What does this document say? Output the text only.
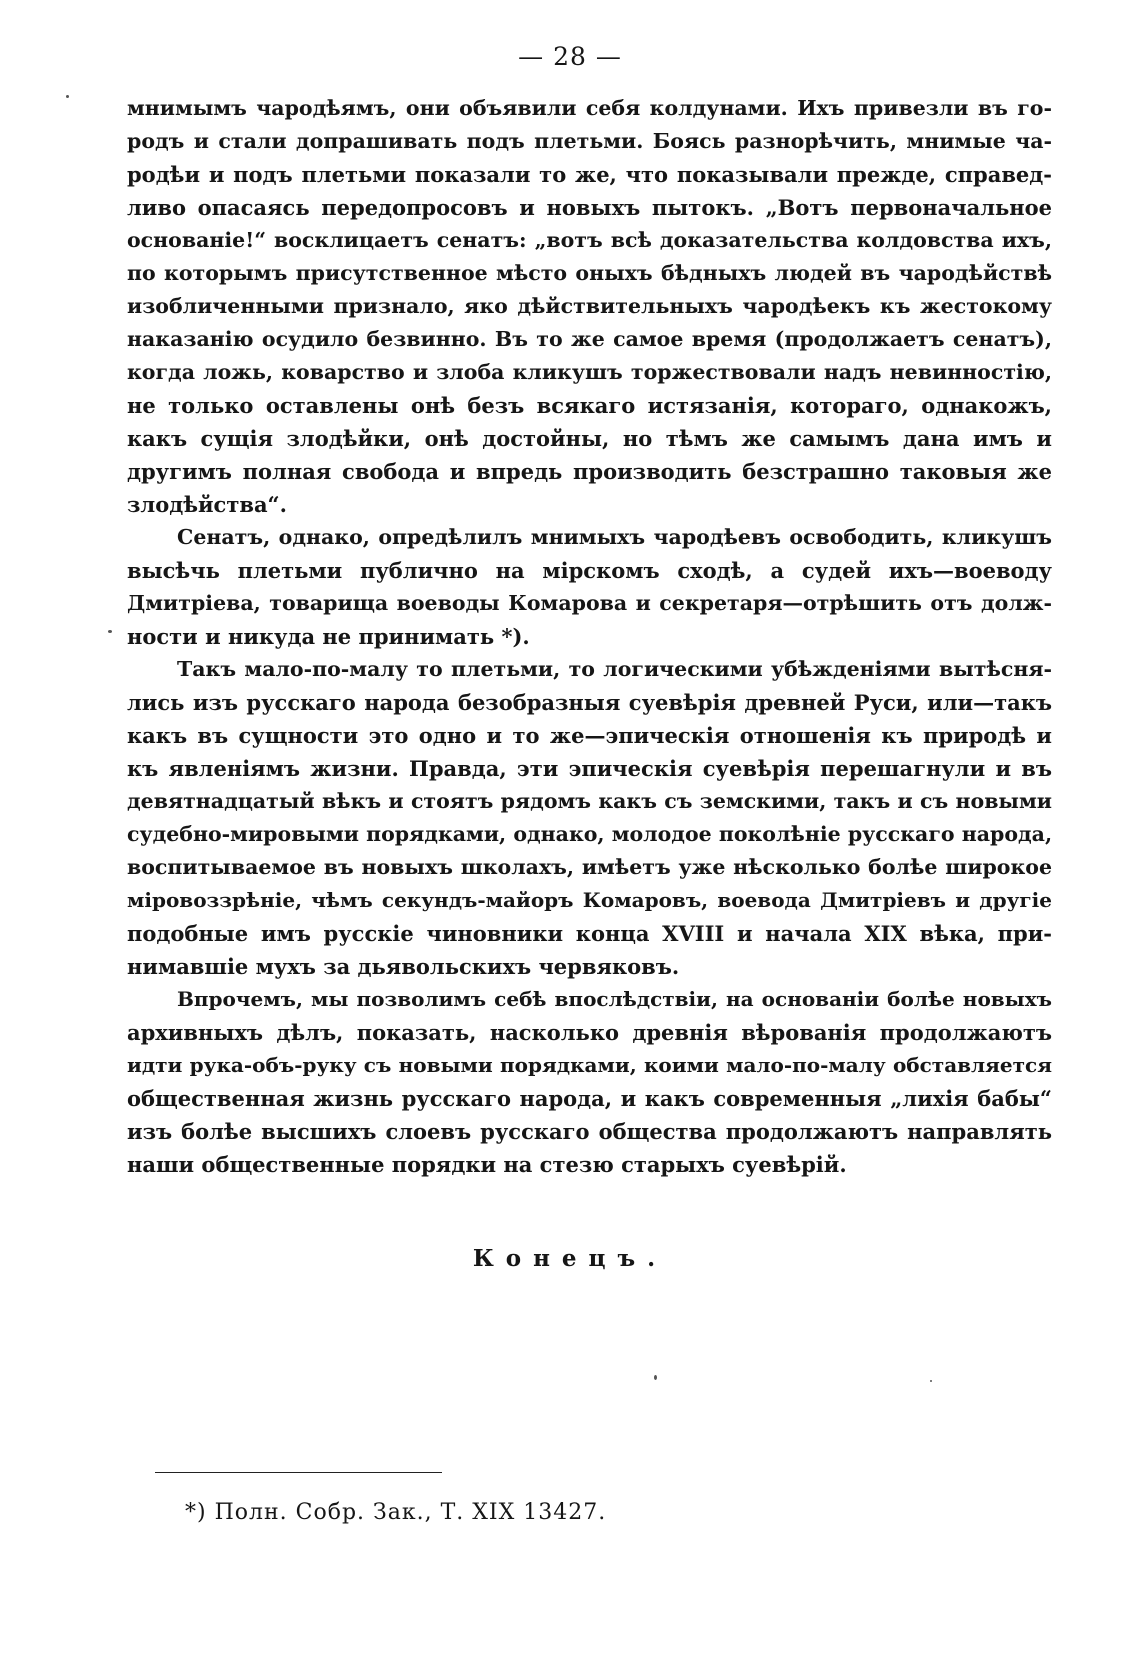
— 28 —
мнимымъ чародѣямъ, они объявили себя колдунами. Ихъ привезли въ го-
родъ и стали допрашивать подъ плетьми. Боясь разнорѣчить, мнимые ча-
родѣи и подъ плетьми показали то же, что показывали прежде, справед-
ливо опасаясь передопросовъ и новыхъ пытокъ. „Вотъ первоначальное
основаніе!“ восклицаетъ сенатъ: „вотъ всѣ доказательства колдовства ихъ,
по которымъ присутственное мѣсто оныхъ бѣдныхъ людей въ чародѣйствѣ
изобличенными признало, яко дѣйствительныхъ чародѣекъ къ жестокому
наказанію осудило безвинно. Въ то же самое время (продолжаетъ сенатъ),
когда ложь, коварство и злоба кликушъ торжествовали надъ невинностію,
не только оставлены онѣ безъ всякаго истязанія, котораго, однакожъ,
какъ сущія злодѣйки, онѣ достойны, но тѣмъ же самымъ дана имъ и
другимъ полная свобода и впредь производить безстрашно таковыя же
злодѣйства“.
Сенатъ, однако, опредѣлилъ мнимыхъ чародѣевъ освободить, кликушъ
высѣчь плетьми публично на мірскомъ сходѣ, а судей ихъ—воеводу
Дмитріева, товарища воеводы Комарова и секретаря—отрѣшить отъ долж-
ности и никуда не принимать *).
Такъ мало-по-малу то плетьми, то логическими убѣжденіями вытѣсня-
лись изъ русскаго народа безобразныя суевѣрія древней Руси, или—такъ
какъ въ сущности это одно и то же—эпическія отношенія къ природѣ и
къ явленіямъ жизни. Правда, эти эпическія суевѣрія перешагнули и въ
девятнадцатый вѣкъ и стоятъ рядомъ какъ съ земскими, такъ и съ новыми
судебно-мировыми порядками, однако, молодое поколѣніе русскаго народа,
воспитываемое въ новыхъ школахъ, имѣетъ уже нѣсколько болѣе широкое
міровоззрѣніе, чѣмъ секундъ-майоръ Комаровъ, воевода Дмитріевъ и другіе
подобные имъ русскіе чиновники конца XVIII и начала XIX вѣка, при-
нимавшіе мухъ за дьявольскихъ червяковъ.
Впрочемъ, мы позволимъ себѣ впослѣдствіи, на основаніи болѣе новыхъ
архивныхъ дѣлъ, показать, насколько древнія вѣрованія продолжаютъ
идти рука-объ-руку съ новыми порядками, коими мало-по-малу обставляется
общественная жизнь русскаго народа, и какъ современныя „лихія бабы“
изъ болѣе высшихъ слоевъ русскаго общества продолжаютъ направлять
наши общественные порядки на стезю старыхъ суевѣрій.
Конецъ.
*) Полн. Собр. Зак., Т. XIX 13427.
